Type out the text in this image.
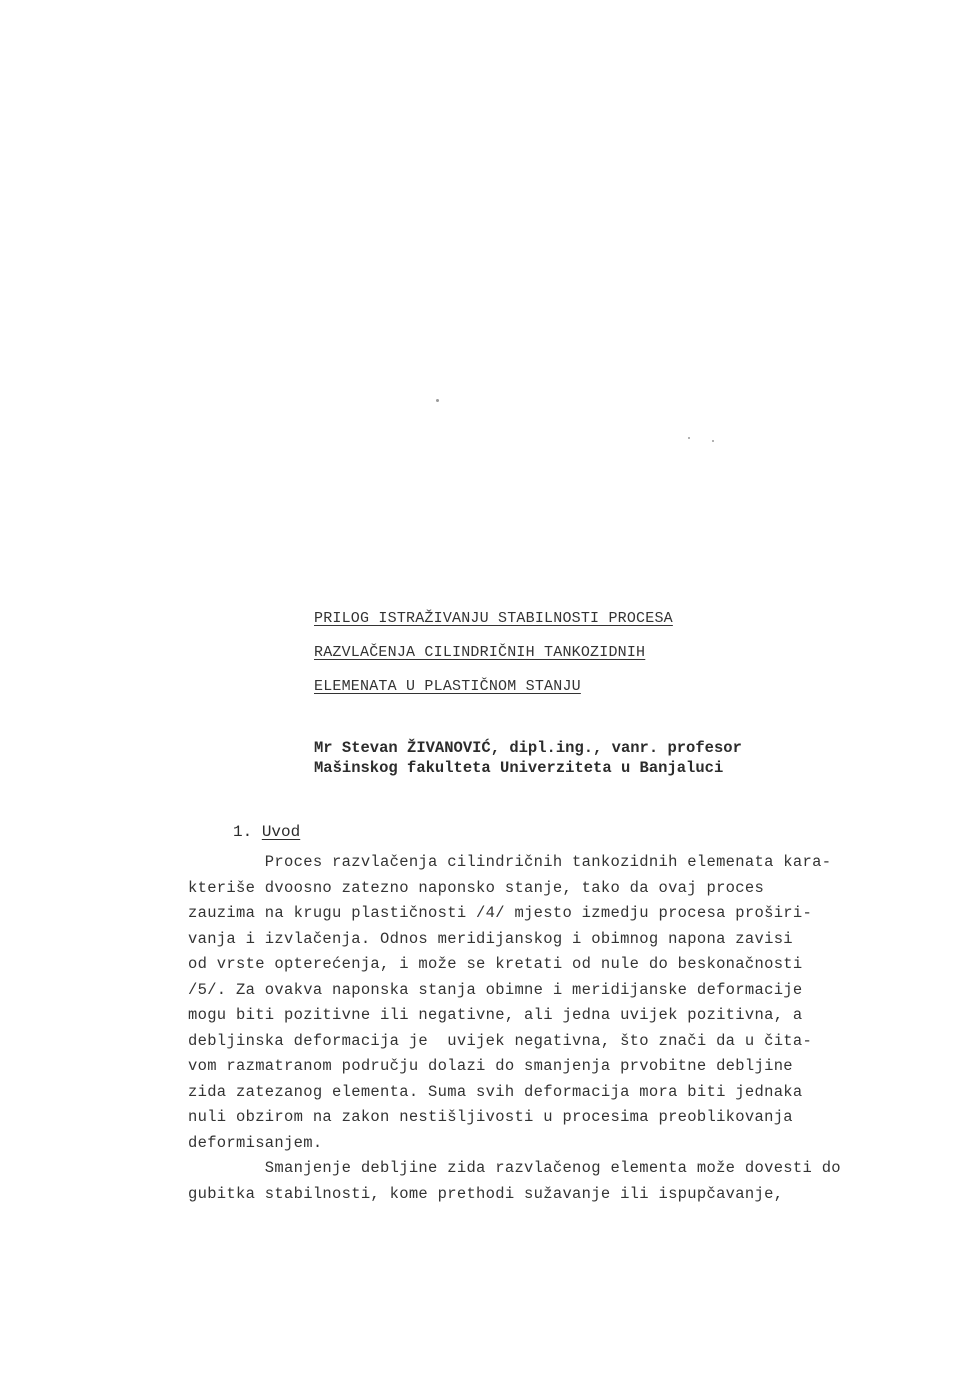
PRILOG ISTRAŽIVANJU STABILNOSTI PROCESA
RAZVLAČENJA CILINDRIČNIH TANKOZIDNIH
ELEMENATA U PLASTIČNOM STANJU
Mr Stevan ŽIVANOVIĆ, dipl.ing., vanr. profesor
Mašinskog fakulteta Univerziteta u Banjaluci
1. Uvod
Proces razvlačenja cilindričnih tankozidnih elemenata kara-
kteriše dvoosno zatezno naponsko stanje, tako da ovaj proces
zauzima na krugu plastičnosti /4/ mjesto izmedju procesa proširi-
vanja i izvlačenja. Odnos meridijanskog i obimnog napona zavisi
od vrste opterećenja, i može se kretati od nule do beskonačnosti
/5/. Za ovakva naponska stanja obimne i meridijanske deformacije
mogu biti pozitivne ili negativne, ali jedna uvijek pozitivna, a
debljinska deformacija je  uvijek negativna, što znači da u čita-
vom razmatranom području dolazi do smanjenja prvobitne debljine
zida zatezanog elementa. Suma svih deformacija mora biti jednaka
nuli obzirom na zakon nestišljivosti u procesima preoblikovanja
deformisanjem.
Smanjenje debljine zida razvlačenog elementa može dovesti do
gubitka stabilnosti, kome prethodi sužavanje ili ispupčavanje,
